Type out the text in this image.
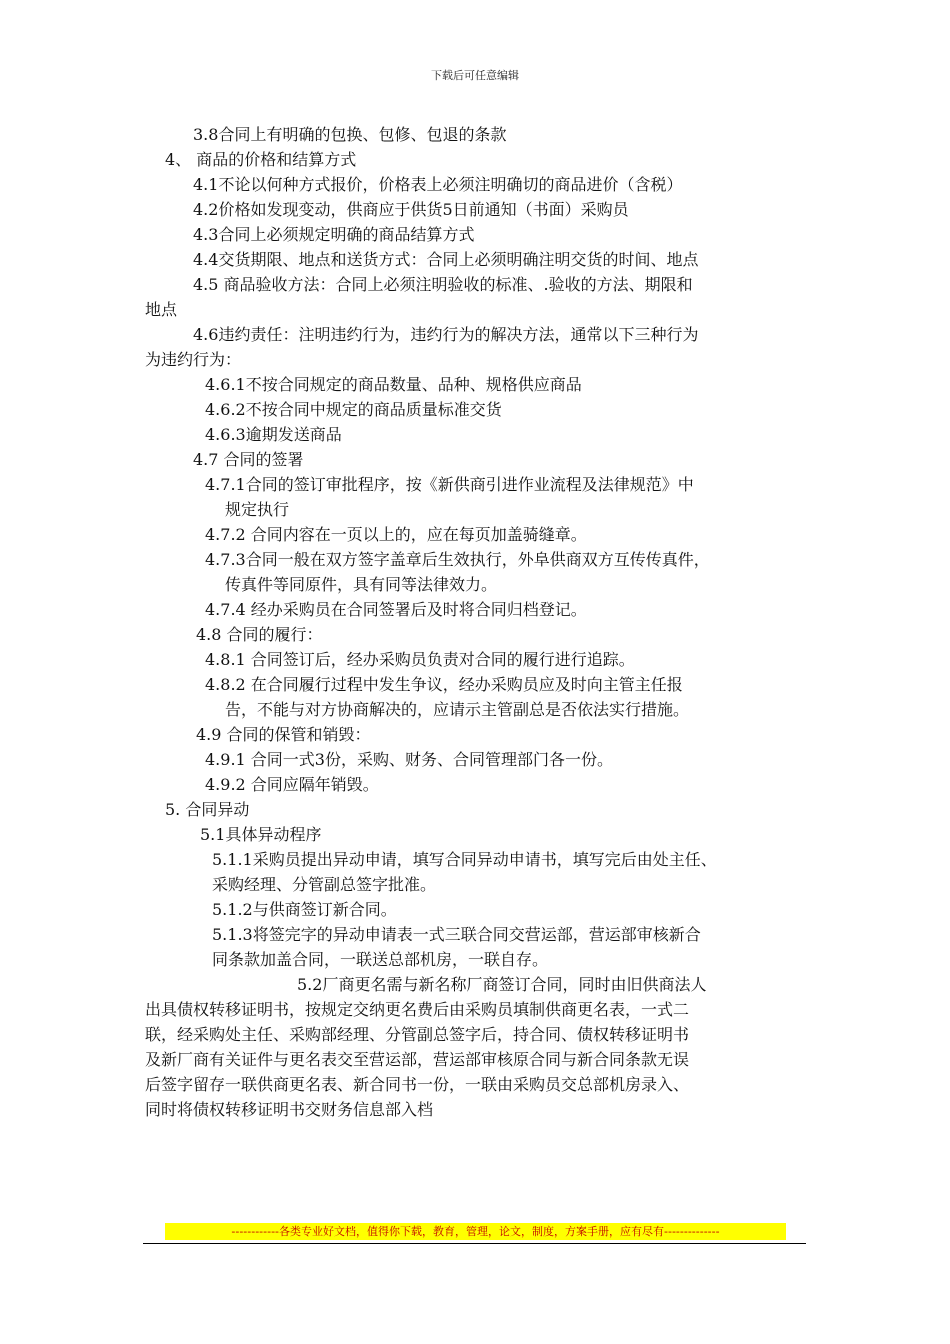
下载后可任意编辑
3.8合同上有明确的包换、包修、包退的条款
4、 商品的价格和结算方式
4.1不论以何种方式报价，价格表上必须注明确切的商品进价（含税）
4.2价格如发现变动，供商应于供货5日前通知（书面）采购员
4.3合同上必须规定明确的商品结算方式
4.4交货期限、地点和送货方式：合同上必须明确注明交货的时间、地点
4.5 商品验收方法：合同上必须注明验收的标准、.验收的方法、期限和
地点
4.6违约责任：注明违约行为，违约行为的解决方法，通常以下三种行为
为违约行为：
4.6.1不按合同规定的商品数量、品种、规格供应商品
4.6.2不按合同中规定的商品质量标准交货
4.6.3逾期发送商品
4.7 合同的签署
4.7.1合同的签订审批程序，按《新供商引进作业流程及法律规范》中
规定执行
4.7.2 合同内容在一页以上的，应在每页加盖骑缝章。
4.7.3合同一般在双方签字盖章后生效执行，外阜供商双方互传传真件，
传真件等同原件，具有同等法律效力。
4.7.4 经办采购员在合同签署后及时将合同归档登记。
4.8 合同的履行：
4.8.1 合同签订后，经办采购员负责对合同的履行进行追踪。
4.8.2 在合同履行过程中发生争议，经办采购员应及时向主管主任报
告，不能与对方协商解决的，应请示主管副总是否依法实行措施。
4.9 合同的保管和销毁：
4.9.1 合同一式3份，采购、财务、合同管理部门各一份。
4.9.2 合同应隔年销毁。
5. 合同异动
5.1具体异动程序
5.1.1采购员提出异动申请，填写合同异动申请书，填写完后由处主任、
采购经理、分管副总签字批准。
5.1.2与供商签订新合同。
5.1.3将签完字的异动申请表一式三联合同交营运部，营运部审核新合
同条款加盖合同，一联送总部机房，一联自存。
5.2厂商更名需与新名称厂商签订合同，同时由旧供商法人
出具债权转移证明书，按规定交纳更名费后由采购员填制供商更名表，一式二
联，经采购处主任、采购部经理、分管副总签字后，持合同、债权转移证明书
及新厂商有关证件与更名表交至营运部，营运部审核原合同与新合同条款无误
后签字留存一联供商更名表、新合同书一份，一联由采购员交总部机房录入、
同时将债权转移证明书交财务信息部入档
------------各类专业好文档，值得你下载，教育，管理，论文，制度，方案手册，应有尽有--------------
